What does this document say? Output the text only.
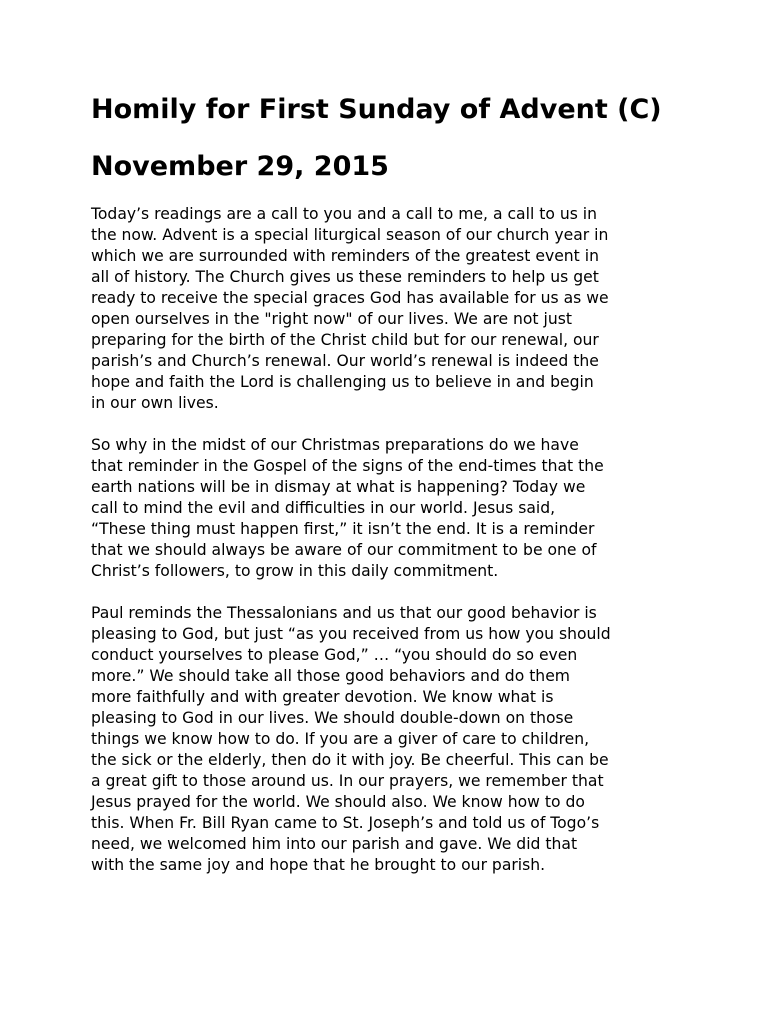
Homily for First Sunday of Advent (C)
November 29, 2015

Today’s readings are a call to you and a call to me, a call to us in
the now. Advent is a special liturgical season of our church year in
which we are surrounded with reminders of the greatest event in
all of history. The Church gives us these reminders to help us get
ready to receive the special graces God has available for us as we
open ourselves in the "right now" of our lives. We are not just
preparing for the birth of the Christ child but for our renewal, our
parish’s and Church’s renewal. Our world’s renewal is indeed the
hope and faith the Lord is challenging us to believe in and begin
in our own lives.

So why in the midst of our Christmas preparations do we have
that reminder in the Gospel of the signs of the end-times that the
earth nations will be in dismay at what is happening? Today we
call to mind the evil and difficulties in our world. Jesus said,
“These thing must happen first,” it isn’t the end. It is a reminder
that we should always be aware of our commitment to be one of
Christ’s followers, to grow in this daily commitment.

Paul reminds the Thessalonians and us that our good behavior is
pleasing to God, but just “as you received from us how you should
conduct yourselves to please God,” … “you should do so even
more.” We should take all those good behaviors and do them
more faithfully and with greater devotion. We know what is
pleasing to God in our lives. We should double-down on those
things we know how to do. If you are a giver of care to children,
the sick or the elderly, then do it with joy. Be cheerful. This can be
a great gift to those around us. In our prayers, we remember that
Jesus prayed for the world. We should also. We know how to do
this. When Fr. Bill Ryan came to St. Joseph’s and told us of Togo’s
need, we welcomed him into our parish and gave. We did that
with the same joy and hope that he brought to our parish.
